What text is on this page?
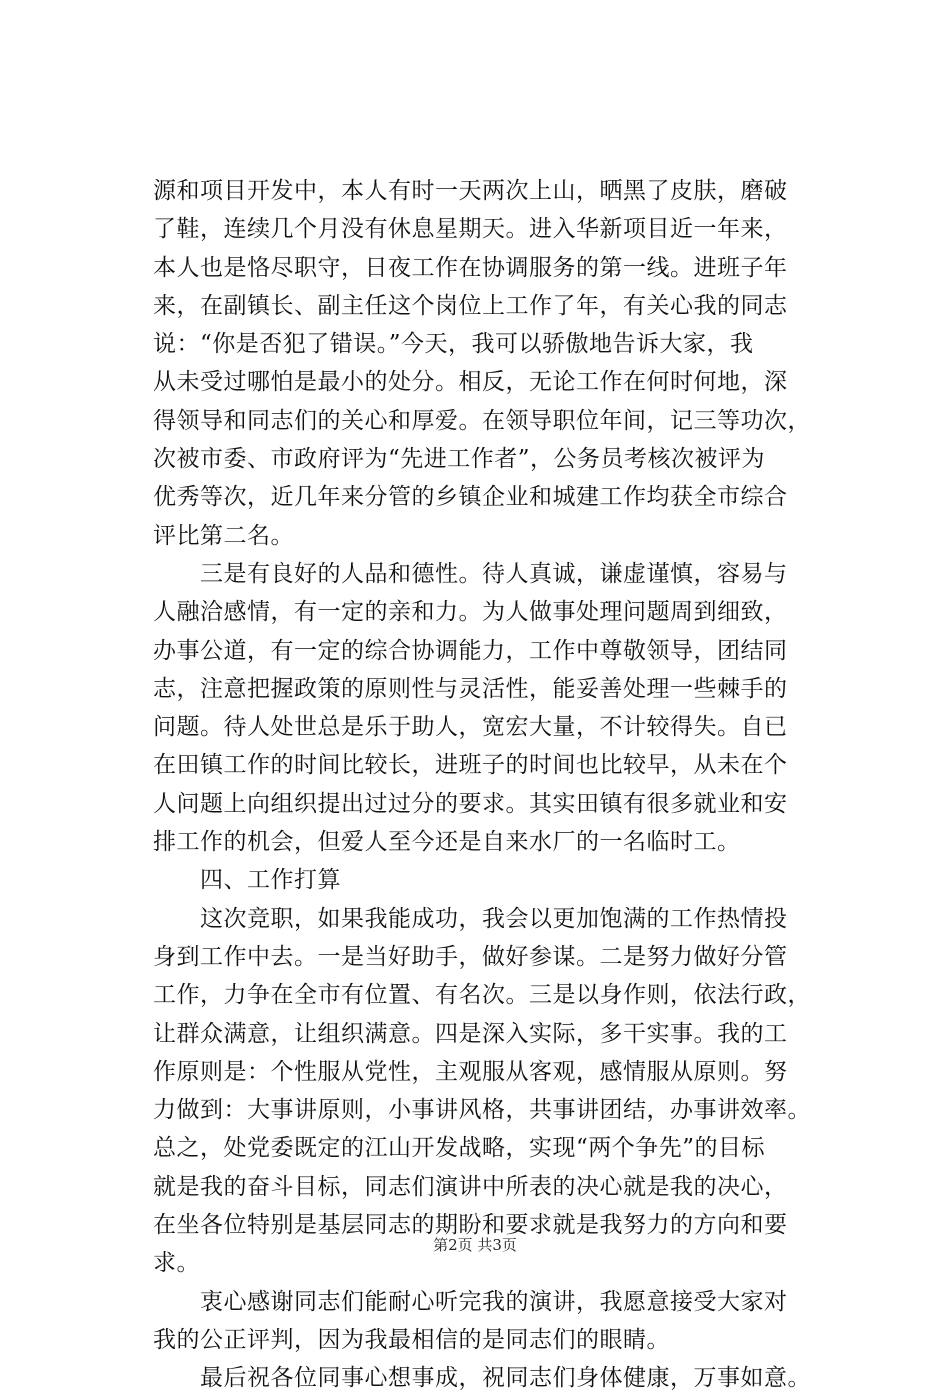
源和项目开发中，本人有时一天两次上山，晒黑了皮肤，磨破
了鞋，连续几个月没有休息星期天。进入华新项目近一年来，
本人也是恪尽职守，日夜工作在协调服务的第一线。进班子年
来，在副镇长、副主任这个岗位上工作了年，有关心我的同志
说：“你是否犯了错误。”今天，我可以骄傲地告诉大家，我
从未受过哪怕是最小的处分。相反，无论工作在何时何地，深
得领导和同志们的关心和厚爱。在领导职位年间，记三等功次，
次被市委、市政府评为“先进工作者”，公务员考核次被评为
优秀等次，近几年来分管的乡镇企业和城建工作均获全市综合
评比第二名。
　　三是有良好的人品和德性。待人真诚，谦虚谨慎，容易与
人融洽感情，有一定的亲和力。为人做事处理问题周到细致，
办事公道，有一定的综合协调能力，工作中尊敬领导，团结同
志，注意把握政策的原则性与灵活性，能妥善处理一些棘手的
问题。待人处世总是乐于助人，宽宏大量，不计较得失。自已
在田镇工作的时间比较长，进班子的时间也比较早，从未在个
人问题上向组织提出过过分的要求。其实田镇有很多就业和安
排工作的机会，但爱人至今还是自来水厂的一名临时工。
　　四、工作打算
　　这次竞职，如果我能成功，我会以更加饱满的工作热情投
身到工作中去。一是当好助手，做好参谋。二是努力做好分管
工作，力争在全市有位置、有名次。三是以身作则，依法行政，
让群众满意，让组织满意。四是深入实际，多干实事。我的工
作原则是：个性服从党性，主观服从客观，感情服从原则。努
力做到：大事讲原则，小事讲风格，共事讲团结，办事讲效率。
总之，处党委既定的江山开发战略，实现“两个争先”的目标
就是我的奋斗目标，同志们演讲中所表的决心就是我的决心，
在坐各位特别是基层同志的期盼和要求就是我努力的方向和要
求。
　　衷心感谢同志们能耐心听完我的演讲，我愿意接受大家对
我的公正评判，因为我最相信的是同志们的眼睛。
　　最后祝各位同事心想事成，祝同志们身体健康，万事如意。
第2页 共3页
